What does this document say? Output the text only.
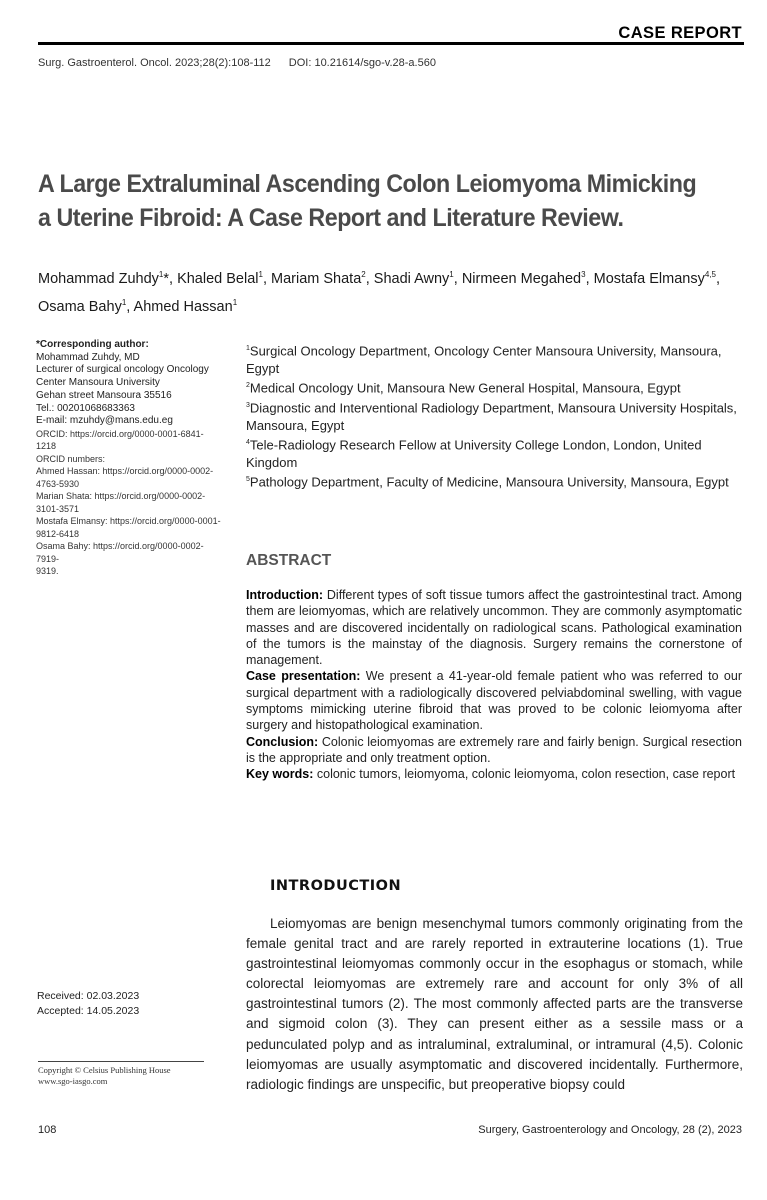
CASE REPORT
Surg. Gastroenterol. Oncol. 2023;28(2):108-112 DOI: 10.21614/sgo-v.28-a.560
A Large Extraluminal Ascending Colon Leiomyoma Mimicking
a Uterine Fibroid: A Case Report and Literature Review.
Mohammad Zuhdy$^1$*, Khaled Belal$^1$, Mariam Shata$^2$, Shadi Awny$^1$, Nirmeen Megahed$^3$, Mostafa Elmansy$^{4,5}$,
Osama Bahy$^1$, Ahmed Hassan$^1$
*Corresponding author:
Mohammad Zuhdy, MD
Lecturer of surgical oncology Oncology
Center Mansoura University
Gehan street Mansoura 35516
Tel.: 00201068683363
E-mail: mzuhdy@mans.edu.eg
ORCID: https://orcid.org/0000-0001-6841-1218
ORCID numbers:
Ahmed Hassan: https://orcid.org/0000-0002-
4763-5930
Marian Shata: https://orcid.org/0000-0002-
3101-3571
Mostafa Elmansy: https://orcid.org/0000-0001-
9812-6418
Osama Bahy: https://orcid.org/0000-0002-7919-
9319.
$^1$Surgical Oncology Department, Oncology Center Mansoura University, Mansoura, Egypt
$^2$Medical Oncology Unit, Mansoura New General Hospital, Mansoura, Egypt
$^3$Diagnostic and Interventional Radiology Department, Mansoura University Hospitals,
Mansoura, Egypt
$^4$Tele-Radiology Research Fellow at University College London, London, United Kingdom
$^5$Pathology Department, Faculty of Medicine, Mansoura University, Mansoura, Egypt
ABSTRACT

Introduction: Different types of soft tissue tumors affect the gastrointestinal tract. Among them are leiomyomas, which are relatively uncommon. They are commonly asymptomatic masses and are discovered incidentally on radiological scans. Pathological examination of the tumors is the mainstay of the diagnosis. Surgery remains the cornerstone of management.

Case presentation: We present a 41-year-old female patient who was referred to our surgical department with a radiologically discovered pelviabdominal swelling, with vague symptoms mimicking uterine fibroid that was proved to be colonic leiomyoma after surgery and histopathological examination.

Conclusion: Colonic leiomyomas are extremely rare and fairly benign. Surgical resection is the appropriate and only treatment option.

Key words: colonic tumors, leiomyoma, colonic leiomyoma, colon resection, case report

INTRODUCTION

Leiomyomas are benign mesenchymal tumors commonly originating from the female genital tract and are rarely reported in extrauterine locations (1). True gastrointestinal leiomyomas commonly occur in the esophagus or stomach, while colorectal leiomyomas are extremely rare and account for only 3% of all gastrointestinal tumors (2). The most commonly affected parts are the transverse and sigmoid colon (3). They can present either as a sessile mass or a pedunculated polyp and as intraluminal, extraluminal, or intramural (4,5). Colonic leiomyomas are usually asymptomatic and discovered incidentally. Furthermore, radiologic findings are unspecific, but preoperative biopsy could

Received: 02.03.2023
Accepted: 14.05.2023
Copyright © Celsius Publishing House
www.sgo-iasgo.com
108	Surgery, Gastroenterology and Oncology, 28 (2), 2023
